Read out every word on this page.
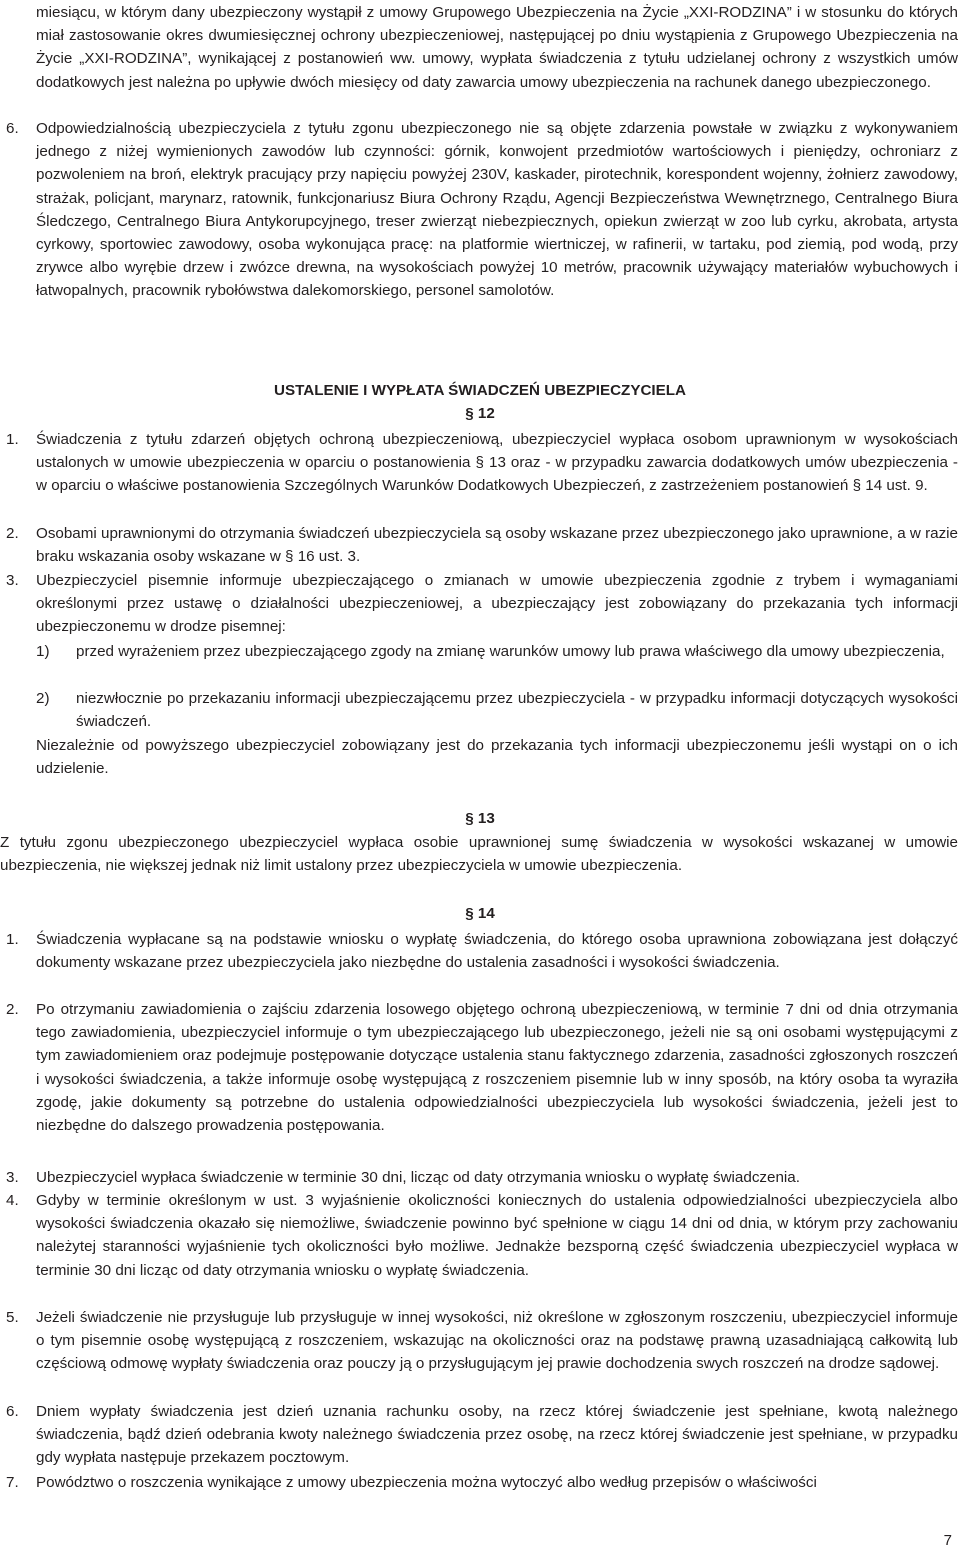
miesiącu, w którym dany ubezpieczony wystąpił z umowy Grupowego Ubezpieczenia na Życie „XXI-RODZINA” i w stosunku do których miał zastosowanie okres dwumiesięcznej ochrony ubezpieczeniowej, następującej po dniu wystąpienia z Grupowego Ubezpieczenia na Życie „XXI-RODZINA”, wynikającej z postanowień ww. umowy, wypłata świadczenia z tytułu udzielanej ochrony z wszystkich umów dodatkowych jest należna po upływie dwóch miesięcy od daty zawarcia umowy ubezpieczenia na rachunek danego ubezpieczonego.
6. Odpowiedzialnością ubezpieczyciela z tytułu zgonu ubezpieczonego nie są objęte zdarzenia powstałe w związku z wykonywaniem jednego z niżej wymienionych zawodów lub czynności: górnik, konwojent przedmiotów wartościowych i pieniędzy, ochroniarz z pozwoleniem na broń, elektryk pracujący przy napięciu powyżej 230V, kaskader, pirotechnik, korespondent wojenny, żołnierz zawodowy, strażak, policjant, marynarz, ratownik, funkcjonariusz Biura Ochrony Rządu, Agencji Bezpieczeństwa Wewnętrznego, Centralnego Biura Śledczego, Centralnego Biura Antykorupcyjnego, treser zwierząt niebezpiecznych, opiekun zwierząt w zoo lub cyrku, akrobata, artysta cyrkowy, sportowiec zawodowy, osoba wykonująca pracę: na platformie wiertniczej, w rafinerii, w tartaku, pod ziemią, pod wodą, przy zrywce albo wyrębie drzew i zwózce drewna, na wysokościach powyżej 10 metrów, pracownik używający materiałów wybuchowych i łatwopalnych, pracownik rybołówstwa dalekomorskiego, personel samolotów.
USTALENIE I WYPŁATA ŚWIADCZEŃ UBEZPIECZYCIELA
§ 12
1. Świadczenia z tytułu zdarzeń objętych ochroną ubezpieczeniową, ubezpieczyciel wypłaca osobom uprawnionym w wysokościach ustalonych w umowie ubezpieczenia w oparciu o postanowienia § 13 oraz - w przypadku zawarcia dodatkowych umów ubezpieczenia - w oparciu o właściwe postanowienia Szczególnych Warunków Dodatkowych Ubezpieczeń, z zastrzeżeniem postanowień § 14 ust. 9.
2. Osobami uprawnionymi do otrzymania świadczeń ubezpieczyciela są osoby wskazane przez ubezpieczonego jako uprawnione, a w razie braku wskazania osoby wskazane w § 16 ust. 3.
3. Ubezpieczyciel pisemnie informuje ubezpieczającego o zmianach w umowie ubezpieczenia zgodnie z trybem i wymaganiami określonymi przez ustawę o działalności ubezpieczeniowej, a ubezpieczający jest zobowiązany do przekazania tych informacji ubezpieczonemu w drodze pisemnej:
1) przed wyrażeniem przez ubezpieczającego zgody na zmianę warunków umowy lub prawa właściwego dla umowy ubezpieczenia,
2) niezwłocznie po przekazaniu informacji ubezpieczającemu przez ubezpieczyciela - w przypadku informacji dotyczących wysokości świadczeń.
Niezależnie od powyższego ubezpieczyciel zobowiązany jest do przekazania tych informacji ubezpieczonemu jeśli wystąpi on o ich udzielenie.
§ 13
Z tytułu zgonu ubezpieczonego ubezpieczyciel wypłaca osobie uprawnionej sumę świadczenia w wysokości wskazanej w umowie ubezpieczenia, nie większej jednak niż limit ustalony przez ubezpieczyciela w umowie ubezpieczenia.
§ 14
1. Świadczenia wypłacane są na podstawie wniosku o wypłatę świadczenia, do którego osoba uprawniona zobowiązana jest dołączyć dokumenty wskazane przez ubezpieczyciela jako niezbędne do ustalenia zasadności i wysokości świadczenia.
2. Po otrzymaniu zawiadomienia o zajściu zdarzenia losowego objętego ochroną ubezpieczeniową, w terminie 7 dni od dnia otrzymania tego zawiadomienia, ubezpieczyciel informuje o tym ubezpieczającego lub ubezpieczonego, jeżeli nie są oni osobami występującymi z tym zawiadomieniem oraz podejmuje postępowanie dotyczące ustalenia stanu faktycznego zdarzenia, zasadności zgłoszonych roszczeń i wysokości świadczenia, a także informuje osobę występującą z roszczeniem pisemnie lub w inny sposób, na który osoba ta wyraziła zgodę, jakie dokumenty są potrzebne do ustalenia odpowiedzialności ubezpieczyciela lub wysokości świadczenia, jeżeli jest to niezbędne do dalszego prowadzenia postępowania.
3. Ubezpieczyciel wypłaca świadczenie w terminie 30 dni, licząc od daty otrzymania wniosku o wypłatę świadczenia.
4. Gdyby w terminie określonym w ust. 3 wyjaśnienie okoliczności koniecznych do ustalenia odpowiedzialności ubezpieczyciela albo wysokości świadczenia okazało się niemożliwe, świadczenie powinno być spełnione w ciągu 14 dni od dnia, w którym przy zachowaniu należytej staranności wyjaśnienie tych okoliczności było możliwe. Jednakże bezsporną część świadczenia ubezpieczyciel wypłaca w terminie 30 dni licząc od daty otrzymania wniosku o wypłatę świadczenia.
5. Jeżeli świadczenie nie przysługuje lub przysługuje w innej wysokości, niż określone w zgłoszonym roszczeniu, ubezpieczyciel informuje o tym pisemnie osobę występującą z roszczeniem, wskazując na okoliczności oraz na podstawę prawną uzasadniającą całkowitą lub częściową odmowę wypłaty świadczenia oraz pouczy ją o przysługującym jej prawie dochodzenia swych roszczeń na drodze sądowej.
6. Dniem wypłaty świadczenia jest dzień uznania rachunku osoby, na rzecz której świadczenie jest spełniane, kwotą należnego świadczenia, bądź dzień odebrania kwoty należnego świadczenia przez osobę, na rzecz której świadczenie jest spełniane, w przypadku gdy wypłata następuje przekazem pocztowym.
7. Powództwo o roszczenia wynikające z umowy ubezpieczenia można wytoczyć albo według przepisów o właściwości
7
